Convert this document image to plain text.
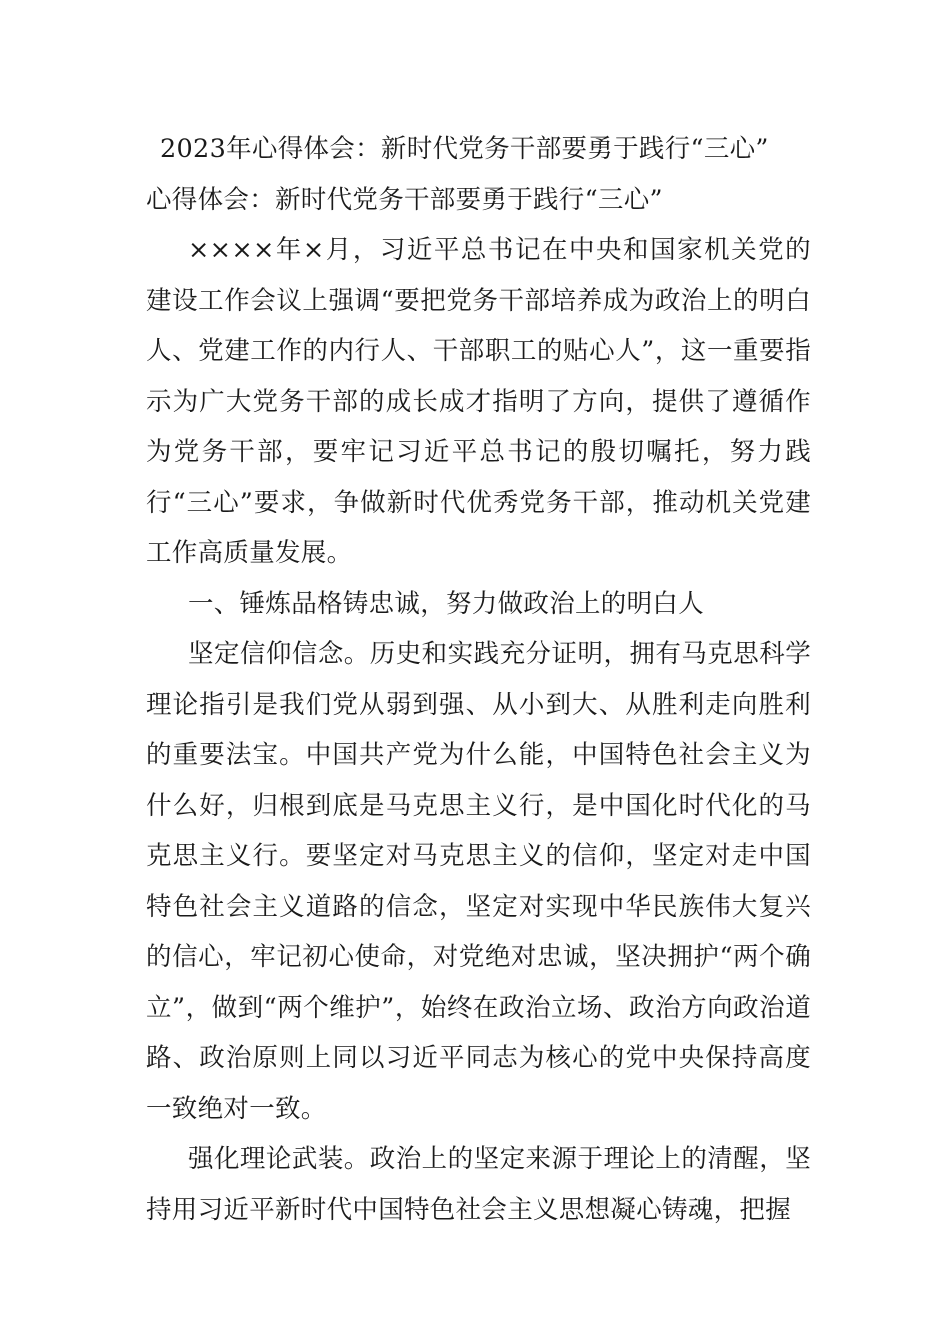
2023年心得体会：新时代党务干部要勇于践行“三心”
心得体会：新时代党务干部要勇于践行“三心”

××××年×月，习近平总书记在中央和国家机关党的建设工作会议上强调“要把党务干部培养成为政治上的明白人、党建工作的内行人、干部职工的贴心人”，这一重要指示为广大党务干部的成长成才指明了方向，提供了遵循作为党务干部，要牢记习近平总书记的殷切嘱托，努力践行“三心”要求，争做新时代优秀党务干部，推动机关党建工作高质量发展。

一、锤炼品格铸忠诚，努力做政治上的明白人

坚定信仰信念。历史和实践充分证明，拥有马克思科学理论指引是我们党从弱到强、从小到大、从胜利走向胜利的重要法宝。中国共产党为什么能，中国特色社会主义为什么好，归根到底是马克思主义行，是中国化时代化的马克思主义行。要坚定对马克思主义的信仰，坚定对走中国特色社会主义道路的信念，坚定对实现中华民族伟大复兴的信心，牢记初心使命，对党绝对忠诚，坚决拥护“两个确立”，做到“两个维护”，始终在政治立场、政治方向政治道路、政治原则上同以习近平同志为核心的党中央保持高度一致绝对一致。

强化理论武装。政治上的坚定来源于理论上的清醒，坚持用习近平新时代中国特色社会主义思想凝心铸魂，把握
